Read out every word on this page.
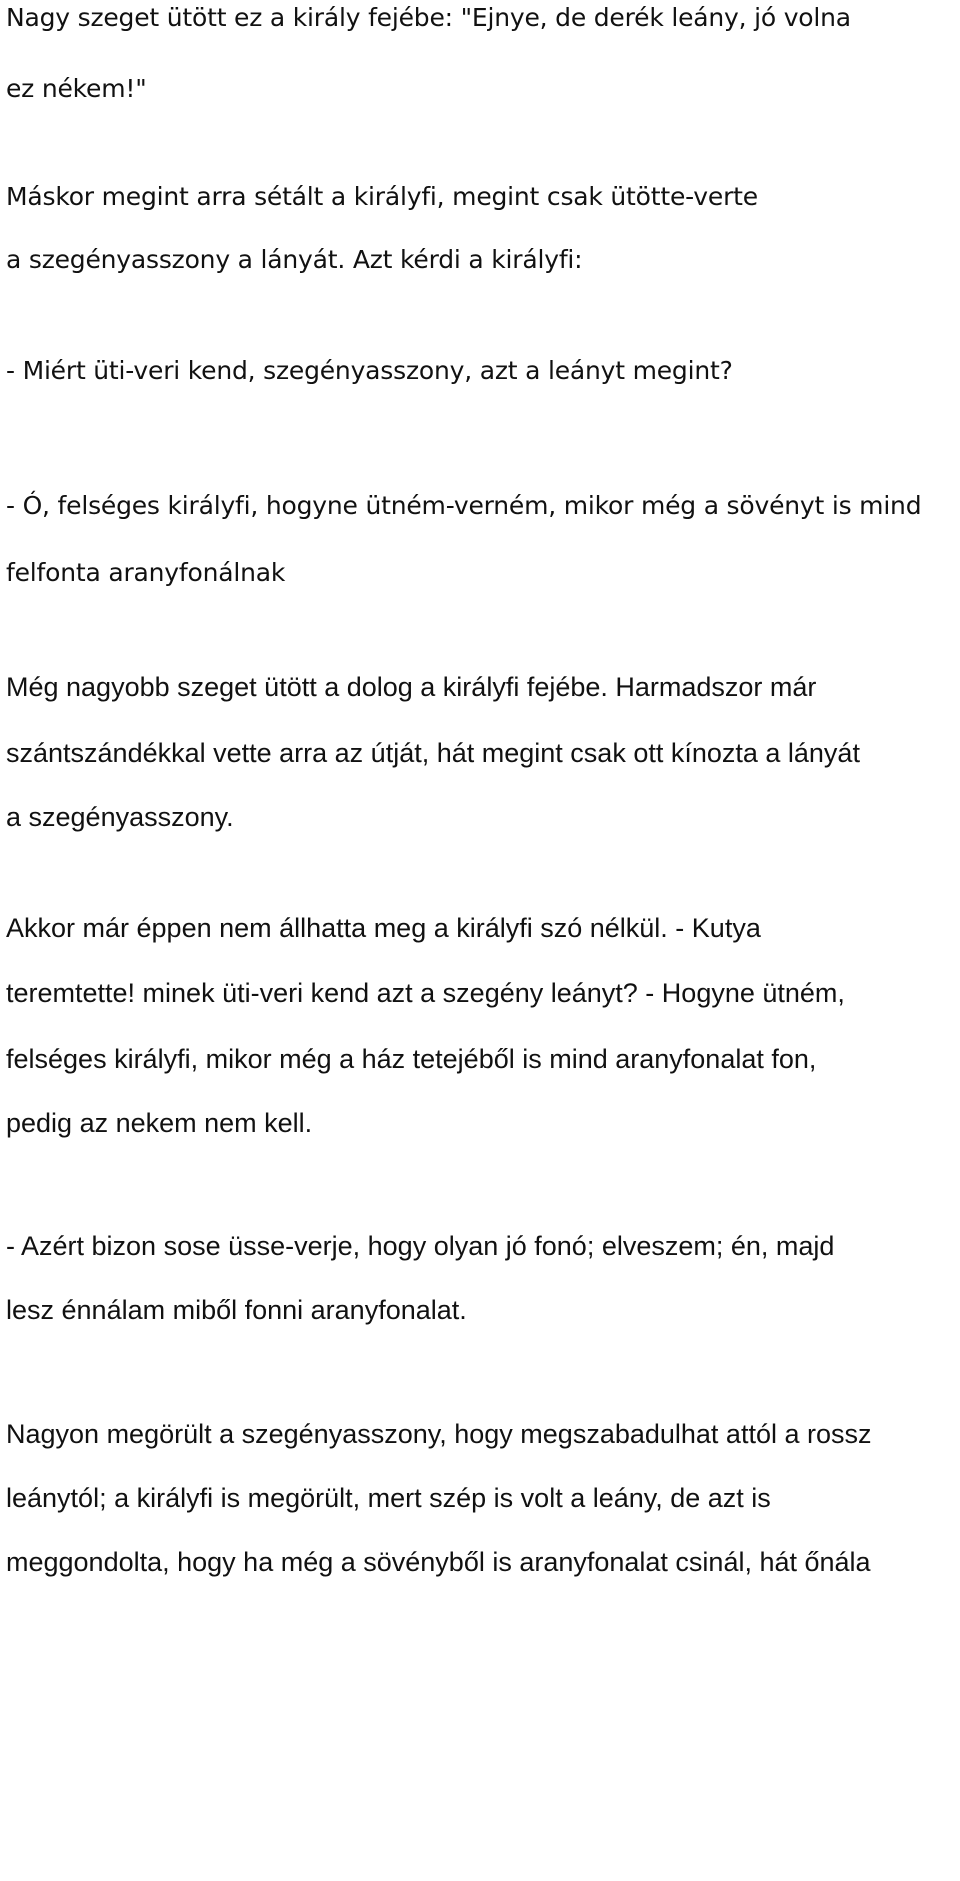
Nagy szeget ütött ez a király fejébe: "Ejnye, de derék leány, jó volna
ez nékem!"
Máskor megint arra sétált a királyfi, megint csak ütötte-verte
a szegényasszony a lányát. Azt kérdi a királyfi:
- Miért üti-veri kend, szegényasszony, azt a leányt megint?
- Ó, felséges királyfi, hogyne ütném-verném, mikor még a sövényt is mind
felfonta aranyfonálnak
Még nagyobb szeget ütött a dolog a királyfi fejébe. Harmadszor már
szántszándékkal vette arra az útját, hát megint csak ott kínozta a lányát
a szegényasszony.
Akkor már éppen nem állhatta meg a királyfi szó nélkül. - Kutya
teremtette! minek üti-veri kend azt a szegény leányt? - Hogyne ütném,
felséges királyfi, mikor még a ház tetejéből is mind aranyfonalat fon,
pedig az nekem nem kell.
- Azért bizon sose üsse-verje, hogy olyan jó fonó; elveszem; én, majd
lesz énnálam miből fonni aranyfonalat.
Nagyon megörült a szegényasszony, hogy megszabadulhat attól a rossz
leánytól; a királyfi is megörült, mert szép is volt a leány, de azt is
meggondolta, hogy ha még a sövényből is aranyfonalat csinál, hát őnála
